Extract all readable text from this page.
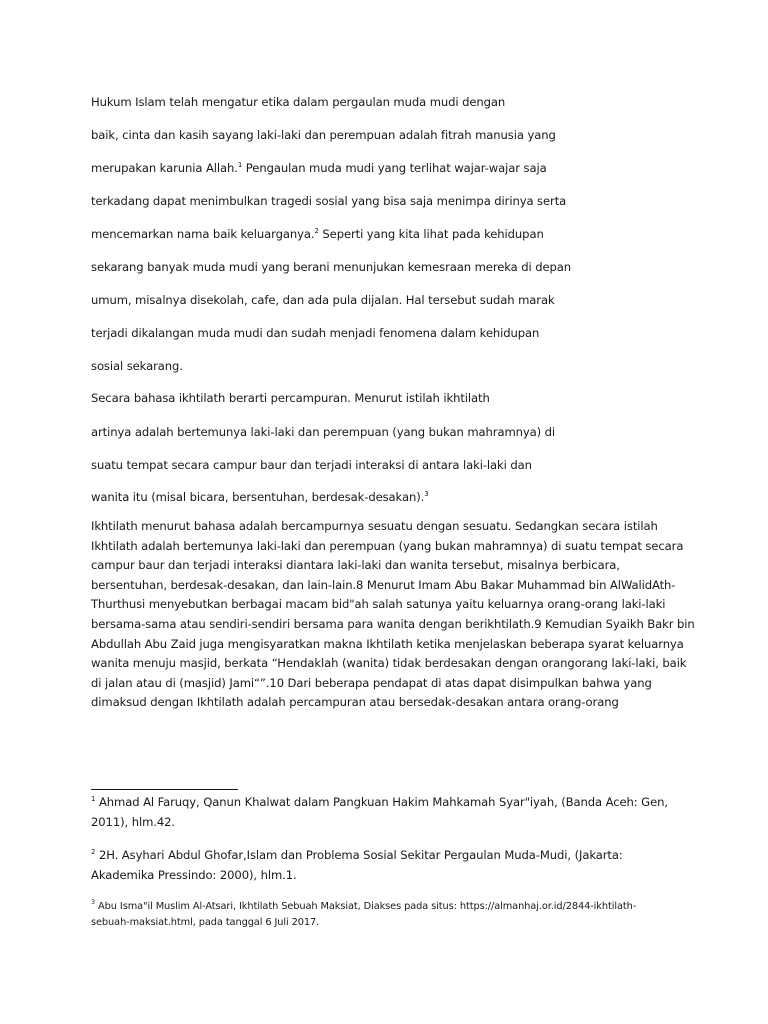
Hukum Islam telah mengatur etika dalam pergaulan muda mudi dengan
baik, cinta dan kasih sayang laki-laki dan perempuan adalah fitrah manusia yang
merupakan karunia Allah.$^1$ Pengaulan muda mudi yang terlihat wajar-wajar saja
terkadang dapat menimbulkan tragedi sosial yang bisa saja menimpa dirinya serta
mencemarkan nama baik keluarganya.$^2$ Seperti yang kita lihat pada kehidupan
sekarang banyak muda mudi yang berani menunjukan kemesraan mereka di depan
umum, misalnya disekolah, cafe, dan ada pula dijalan. Hal tersebut sudah marak
terjadi dikalangan muda mudi dan sudah menjadi fenomena dalam kehidupan
sosial sekarang.
Secara bahasa ikhtilath berarti percampuran. Menurut istilah ikhtilath
artinya adalah bertemunya laki-laki dan perempuan (yang bukan mahramnya) di
suatu tempat secara campur baur dan terjadi interaksi di antara laki-laki dan
wanita itu (misal bicara, bersentuhan, berdesak-desakan).$^3$
Ikhtilath menurut bahasa adalah bercampurnya sesuatu dengan sesuatu. Sedangkan secara istilah
Ikhtilath adalah bertemunya laki-laki dan perempuan (yang bukan mahramnya) di suatu tempat secara
campur baur dan terjadi interaksi diantara laki-laki dan wanita tersebut, misalnya berbicara,
bersentuhan, berdesak-desakan, dan lain-lain.8 Menurut Imam Abu Bakar Muhammad bin AlWalidAth-
Thurthusi menyebutkan berbagai macam bid"ah salah satunya yaitu keluarnya orang-orang laki-laki
bersama-sama atau sendiri-sendiri bersama para wanita dengan berikhtilath.9 Kemudian Syaikh Bakr bin
Abdullah Abu Zaid juga mengisyaratkan makna Ikhtilath ketika menjelaskan beberapa syarat keluarnya
wanita menuju masjid, berkata “Hendaklah (wanita) tidak berdesakan dengan orangorang laki-laki, baik
di jalan atau di (masjid) Jami“”.10 Dari beberapa pendapat di atas dapat disimpulkan bahwa yang
dimaksud dengan Ikhtilath adalah percampuran atau bersedak-desakan antara orang-orang
$^1$ Ahmad Al Faruqy, Qanun Khalwat dalam Pangkuan Hakim Mahkamah Syar"iyah, (Banda Aceh: Gen,
2011), hlm.42.
$^2$ 2H. Asyhari Abdul Ghofar,Islam dan Problema Sosial Sekitar Pergaulan Muda-Mudi, (Jakarta:
Akademika Pressindo: 2000), hlm.1.
$^3$ Abu Isma"il Muslim Al-Atsari, Ikhtilath Sebuah Maksiat, Diakses pada situs: https://almanhaj.or.id/2844-ikhtilath-
sebuah-maksiat.html, pada tanggal 6 Juli 2017.
